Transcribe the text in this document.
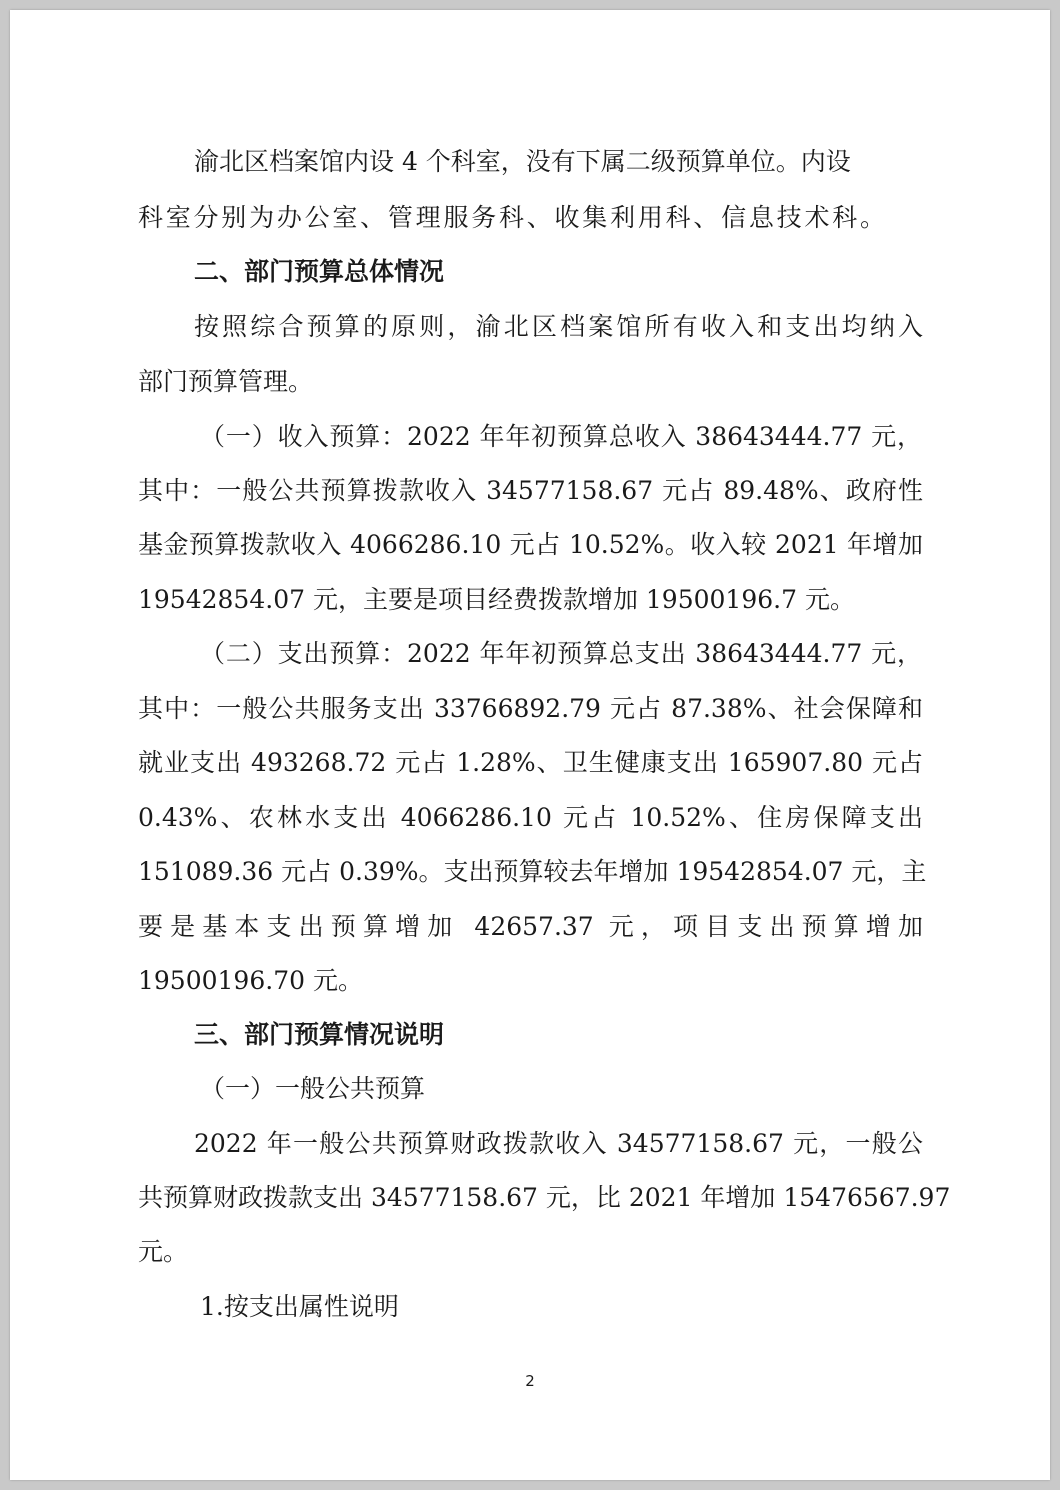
渝北区档案馆内设 4 个科室，没有下属二级预算单位。内设
科室分别为办公室、管理服务科、收集利用科、信息技术科。
二、部门预算总体情况
按照综合预算的原则，渝北区档案馆所有收入和支出均纳入
部门预算管理。
（一）收入预算：2022 年年初预算总收入 38643444.77 元，
其中：一般公共预算拨款收入 34577158.67 元占 89.48%、政府性
基金预算拨款收入 4066286.10 元占 10.52%。收入较 2021 年增加
19542854.07 元，主要是项目经费拨款增加 19500196.7 元。
（二）支出预算：2022 年年初预算总支出 38643444.77 元，
其中：一般公共服务支出 33766892.79 元占 87.38%、社会保障和
就业支出 493268.72 元占 1.28%、卫生健康支出 165907.80 元占
0.43%、农林水支出 4066286.10 元占 10.52%、住房保障支出
151089.36 元占 0.39%。支出预算较去年增加 19542854.07 元，主
要是基本支出预算增加 42657.37 元，项目支出预算增加
19500196.70 元。
三、部门预算情况说明
（一）一般公共预算
2022 年一般公共预算财政拨款收入 34577158.67 元，一般公
共预算财政拨款支出 34577158.67 元，比 2021 年增加 15476567.97
元。
1.按支出属性说明
2
